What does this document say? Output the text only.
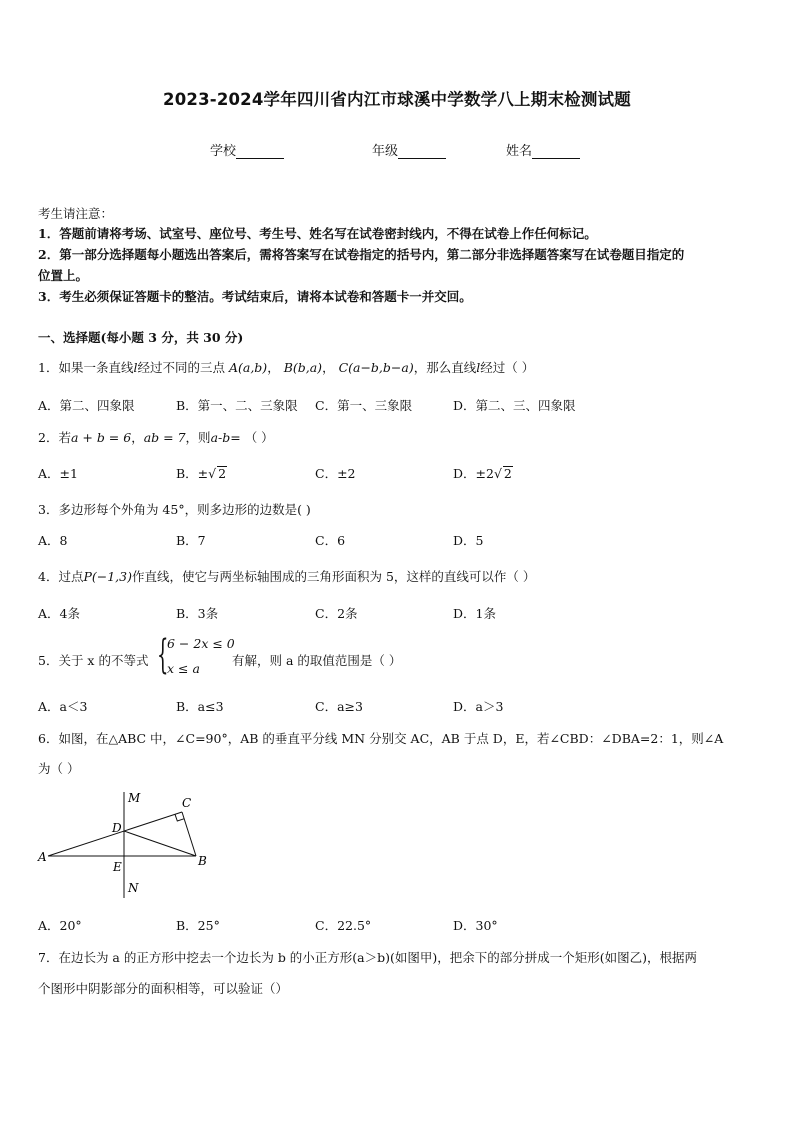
2023-2024学年四川省内江市球溪中学数学八上期末检测试题
学校	年级	姓名
考生请注意：
1．答题前请将考场、试室号、座位号、考生号、姓名写在试卷密封线内，不得在试卷上作任何标记。
2．第一部分选择题每小题选出答案后，需将答案写在试卷指定的括号内，第二部分非选择题答案写在试卷题目指定的
位置上。
3．考生必须保证答题卡的整洁。考试结束后，请将本试卷和答题卡一并交回。
一、选择题(每小题 3 分，共 30 分)
1．如果一条直线l经过不同的三点 A(a,b)， B(b,a)， C(a−b,b−a)，那么直线l经过（ ）
A．第二、四象限	B．第一、二、三象限 C．第一、三象限	D．第二、三、四象限
2．若a + b = 6，ab = 7，则a-b= （ ）
A．±1	B．±√ 2	C．±2	D．±2√ 2
3．多边形每个外角为 45°，则多边形的边数是( )
A．8	B．7	C．6	D．5
4．过点P(−1,3)作直线，使它与两坐标轴围成的三角形面积为 5，这样的直线可以作（ ）
A．4条	B．3条	C．2条	D．1条
5．关于 x 的不等式 {
6 − 2x ≤ 0
x ≤ a
有解，则 a 的取值范围是（ ）
A．a＜3	B．a≤3	C．a≥3	D．a＞3
6．如图，在△ABC 中，∠C=90°，AB 的垂直平分线 MN 分别交 AC，AB 于点 D，E，若∠CBD：∠DBA=2：1，则∠A
为（ ）
M	C
D
A
E	B
N
A．20°	B．25°	C．22.5°	D．30°
7．在边长为 a 的正方形中挖去一个边长为 b 的小正方形(a＞b)(如图甲)，把余下的部分拼成一个矩形(如图乙)，根据两
个图形中阴影部分的面积相等，可以验证（）
